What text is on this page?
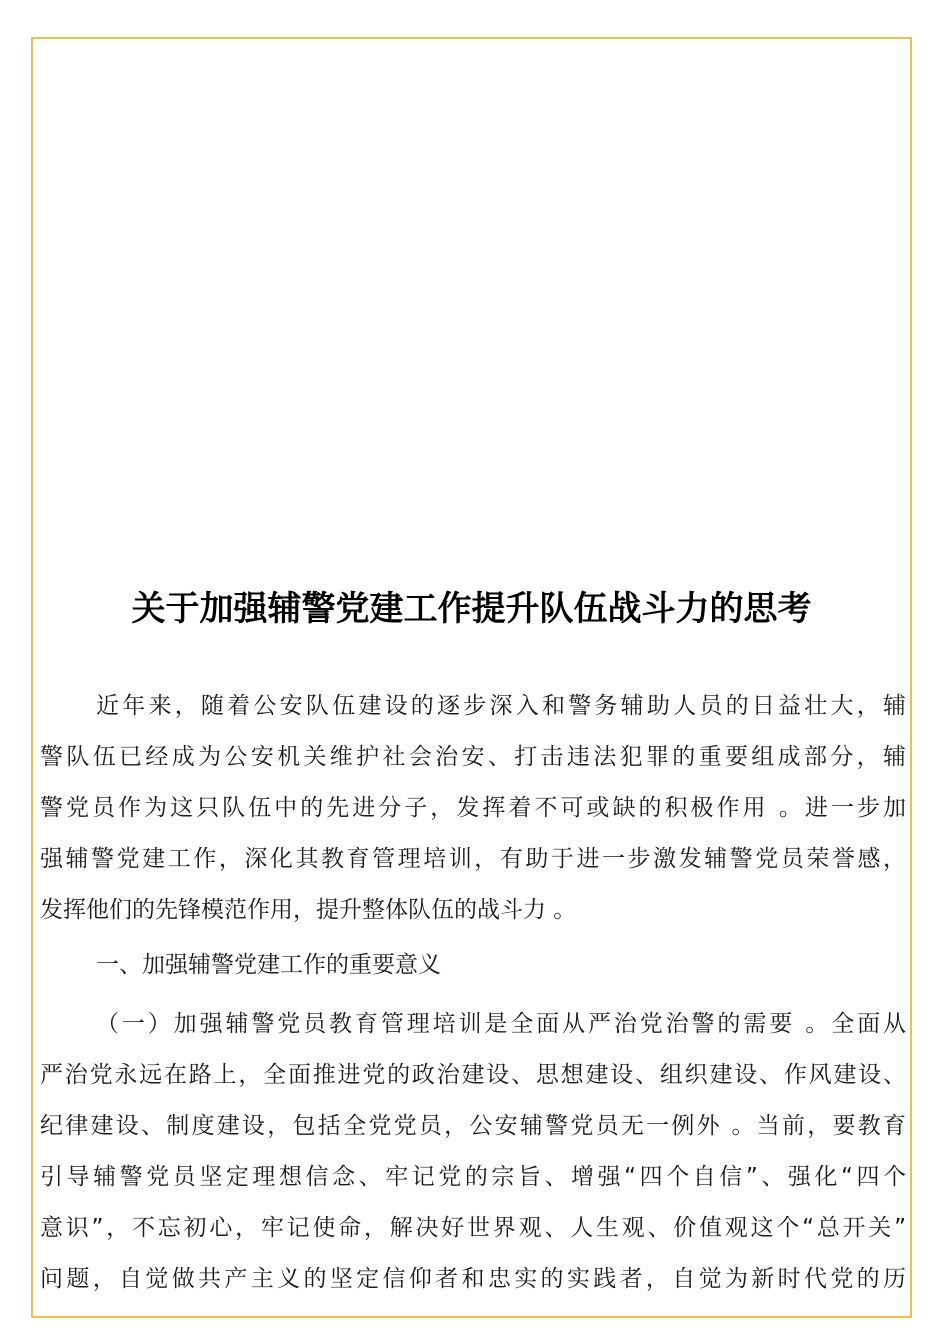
关于加强辅警党建工作提升队伍战斗力的思考
近年来，随着公安队伍建设的逐步深入和警务辅助人员的日益壮大，辅
警队伍已经成为公安机关维护社会治安、打击违法犯罪的重要组成部分，辅
警党员作为这只队伍中的先进分子，发挥着不可或缺的积极作用 。进一步加
强辅警党建工作，深化其教育管理培训，有助于进一步激发辅警党员荣誉感，
发挥他们的先锋模范作用，提升整体队伍的战斗力 。
一、加强辅警党建工作的重要意义
（一）加强辅警党员教育管理培训是全面从严治党治警的需要 。全面从
严治党永远在路上，全面推进党的政治建设、思想建设、组织建设、作风建设、
纪律建设、制度建设，包括全党党员，公安辅警党员无一例外 。当前，要教育
引导辅警党员坚定理想信念、牢记党的宗旨、增强“四个自信”、强化“四个
意识”，不忘初心，牢记使命，解决好世界观、人生观、价值观这个“总开关”
问题，自觉做共产主义的坚定信仰者和忠实的实践者，自觉为新时代党的历
